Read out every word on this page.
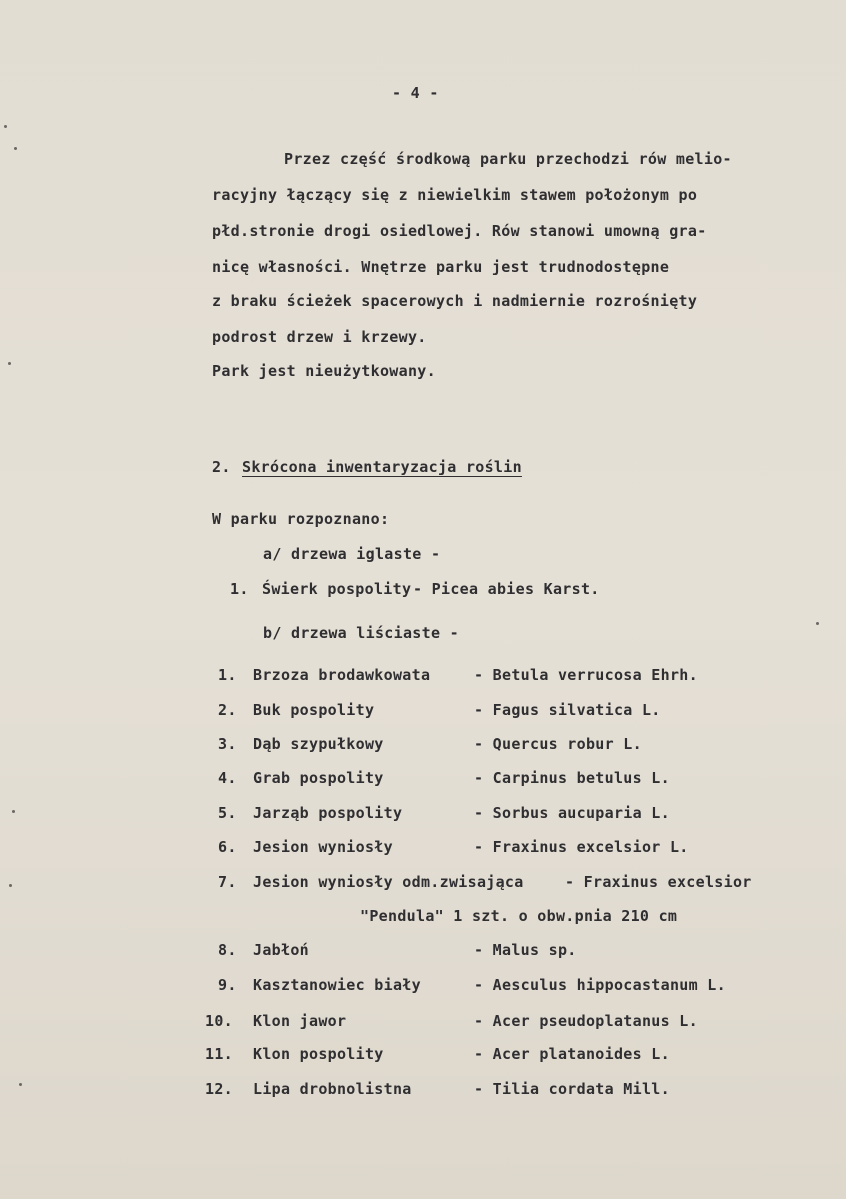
- 4 -
Przez część środkową parku przechodzi rów melio-
racyjny łączący się z niewielkim stawem położonym po
płd.stronie drogi osiedlowej. Rów stanowi umowną gra-
nicę własności. Wnętrze parku jest trudnodostępne
z braku ścieżek spacerowych i nadmiernie rozrośnięty
podrost drzew i krzewy.
Park jest nieużytkowany.
2. Skrócona inwentaryzacja roślin
W parku rozpoznano:
a/ drzewa iglaste -
1. Świerk pospolity - Picea abies Karst.
b/ drzewa liściaste -
1. Brzoza brodawkowata	- Betula verrucosa Ehrh.
2. Buk pospolity	- Fagus silvatica L.
3. Dąb szypułkowy	- Quercus robur L.
4. Grab pospolity	- Carpinus betulus L.
5. Jarząb pospolity	- Sorbus aucuparia L.
6. Jesion wyniosły	- Fraxinus excelsior L.
7. Jesion wyniosły odm.zwisająca	- Fraxinus excelsior
"Pendula" 1 szt. o obw.pnia 210 cm
8. Jabłoń	- Malus sp.
9. Kasztanowiec biały	- Aesculus hippocastanum L.
10. Klon jawor	- Acer pseudoplatanus L.
11. Klon pospolity	- Acer platanoides L.
12. Lipa drobnolistna	- Tilia cordata Mill.
